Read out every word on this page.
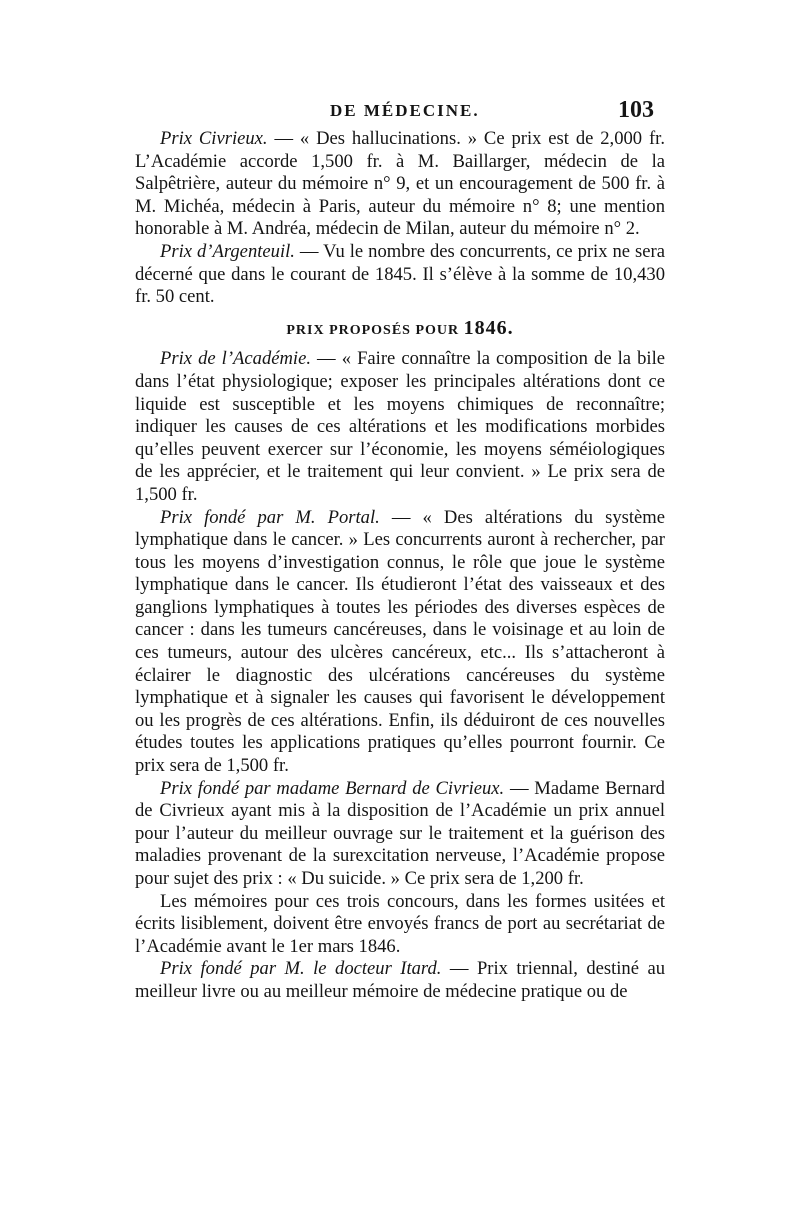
DE MÉDECINE.	103

Prix Civrieux. — « Des hallucinations. » Ce prix est de 2,000 fr. L’Académie accorde 1,500 fr. à M. Baillarger, médecin de la Salpêtrière, auteur du mémoire n° 9, et un encouragement de 500 fr. à M. Michéa, médecin à Paris, auteur du mémoire n° 8; une mention honorable à M. Andréa, médecin de Milan, auteur du mémoire n° 2.

Prix d’Argenteuil. — Vu le nombre des concurrents, ce prix ne sera décerné que dans le courant de 1845. Il s’élève à la somme de 10,430 fr. 50 cent.

PRIX PROPOSÉS POUR 1846.

Prix de l’Académie. — « Faire connaître la composition de la bile dans l’état physiologique; exposer les principales altérations dont ce liquide est susceptible et les moyens chimiques de reconnaître; indiquer les causes de ces altérations et les modifications morbides qu’elles peuvent exercer sur l’économie, les moyens séméiologiques de les apprécier, et le traitement qui leur convient. » Le prix sera de 1,500 fr.

Prix fondé par M. Portal. — « Des altérations du système lymphatique dans le cancer. » Les concurrents auront à rechercher, par tous les moyens d’investigation connus, le rôle que joue le système lymphatique dans le cancer. Ils étudieront l’état des vaisseaux et des ganglions lymphatiques à toutes les périodes des diverses espèces de cancer : dans les tumeurs cancéreuses, dans le voisinage et au loin de ces tumeurs, autour des ulcères cancéreux, etc... Ils s’attacheront à éclairer le diagnostic des ulcérations cancéreuses du système lymphatique et à signaler les causes qui favorisent le développement ou les progrès de ces altérations. Enfin, ils déduiront de ces nouvelles études toutes les applications pratiques qu’elles pourront fournir. Ce prix sera de 1,500 fr.

Prix fondé par madame Bernard de Civrieux. — Madame Bernard de Civrieux ayant mis à la disposition de l’Académie un prix annuel pour l’auteur du meilleur ouvrage sur le traitement et la guérison des maladies provenant de la surexcitation nerveuse, l’Académie propose pour sujet des prix : « Du suicide. » Ce prix sera de 1,200 fr.

Les mémoires pour ces trois concours, dans les formes usitées et écrits lisiblement, doivent être envoyés francs de port au secrétariat de l’Académie avant le 1er mars 1846.

Prix fondé par M. le docteur Itard. — Prix triennal, destiné au meilleur livre ou au meilleur mémoire de médecine pratique ou de
